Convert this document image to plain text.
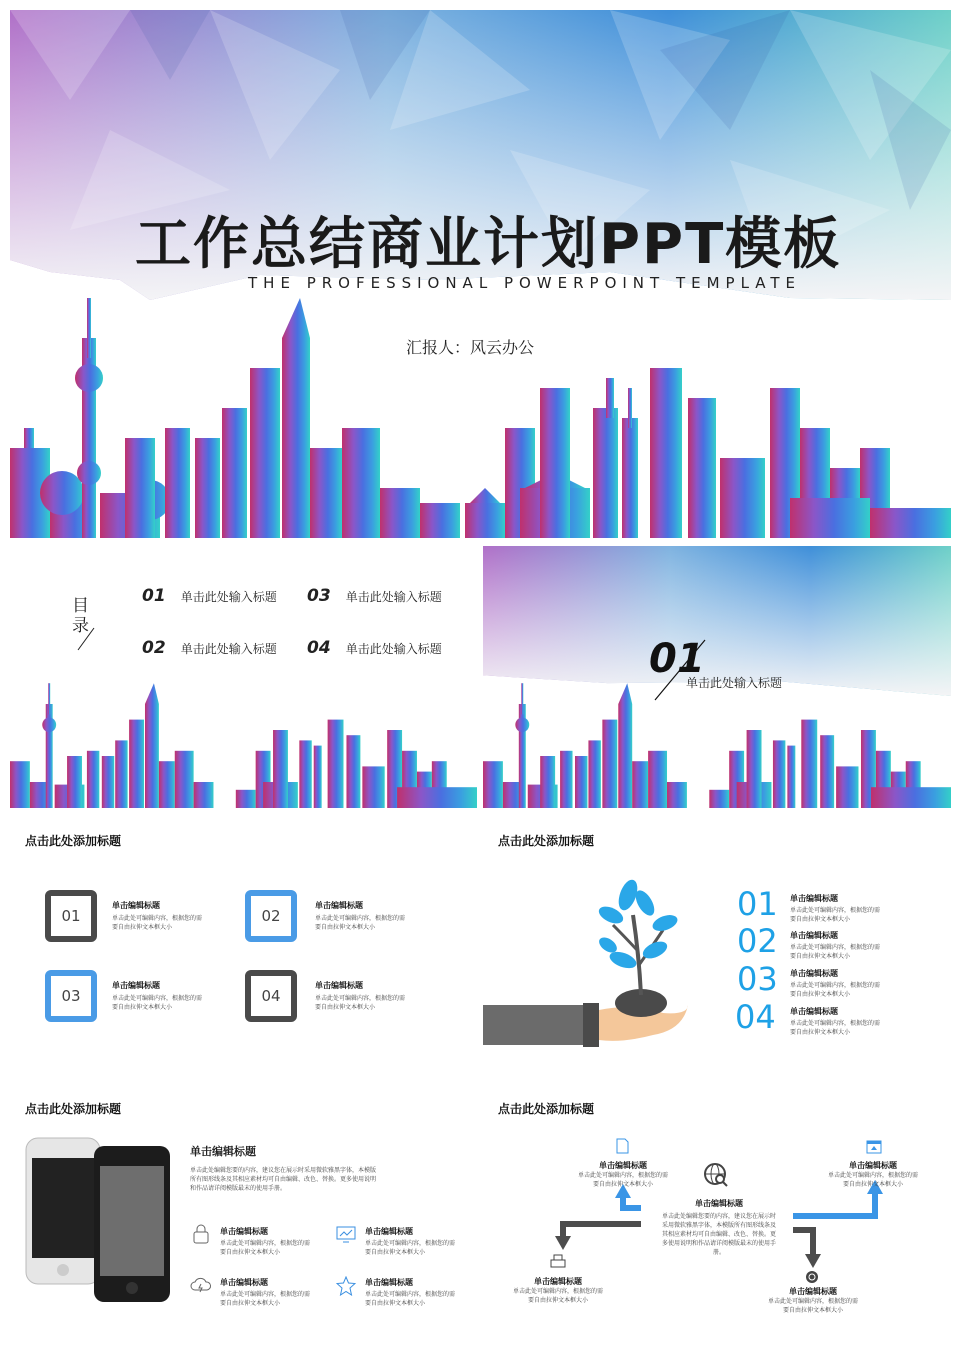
工作总结商业计划PPT模板
THE PROFESSIONAL POWERPOINT TEMPLATE
汇报人：风云办公
目录
01 单击此处输入标题 03 单击此处输入标题
02 单击此处输入标题 04 单击此处输入标题	01
单击此处输入标题
点击此处添加标题
01
单击编辑标题
单击此处可编辑内容，根据您的需
要自由拉伸文本框大小
02
单击编辑标题
单击此处可编辑内容，根据您的需
要自由拉伸文本框大小
03
单击编辑标题
单击此处可编辑内容，根据您的需
要自由拉伸文本框大小
04
单击编辑标题
单击此处可编辑内容，根据您的需
要自由拉伸文本框大小
点击此处添加标题
01 单击编辑标题
单击此处可编辑内容，根据您的需
要自由拉伸文本框大小
02 单击编辑标题
单击此处可编辑内容，根据您的需
要自由拉伸文本框大小
03 单击编辑标题
单击此处可编辑内容，根据您的需
要自由拉伸文本框大小
04 单击编辑标题
单击此处可编辑内容，根据您的需
要自由拉伸文本框大小
点击此处添加标题
单击编辑标题
单击此处编辑您要的内容，建议您在展示时采用微软雅黑字体，本模版
所有图形线条及其相应素材均可自由编辑、改色、替换。更多使用说明
和作品请详阅模版最末的使用手册。
单击编辑标题
单击此处可编辑内容，根据您的需
要自由拉伸文本框大小
单击编辑标题
单击此处可编辑内容，根据您的需
要自由拉伸文本框大小
单击编辑标题
单击此处可编辑内容，根据您的需
要自由拉伸文本框大小
单击编辑标题
单击此处可编辑内容，根据您的需
要自由拉伸文本框大小
点击此处添加标题
单击编辑标题
单击此处编辑您要的内容，建议您在展示时
采用微软雅黑字体，本模版所有图形线条及
其相应素材均可自由编辑、改色、替换。更
多使用说明和作品请详阅模版最末的使用手
册。
单击编辑标题
单击此处可编辑内容，根据您的需
要自由拉伸文本框大小
单击编辑标题
单击此处可编辑内容，根据您的需
要自由拉伸文本框大小
单击编辑标题
单击此处可编辑内容，根据您的需
要自由拉伸文本框大小
单击编辑标题
单击此处可编辑内容，根据您的需
要自由拉伸文本框大小
